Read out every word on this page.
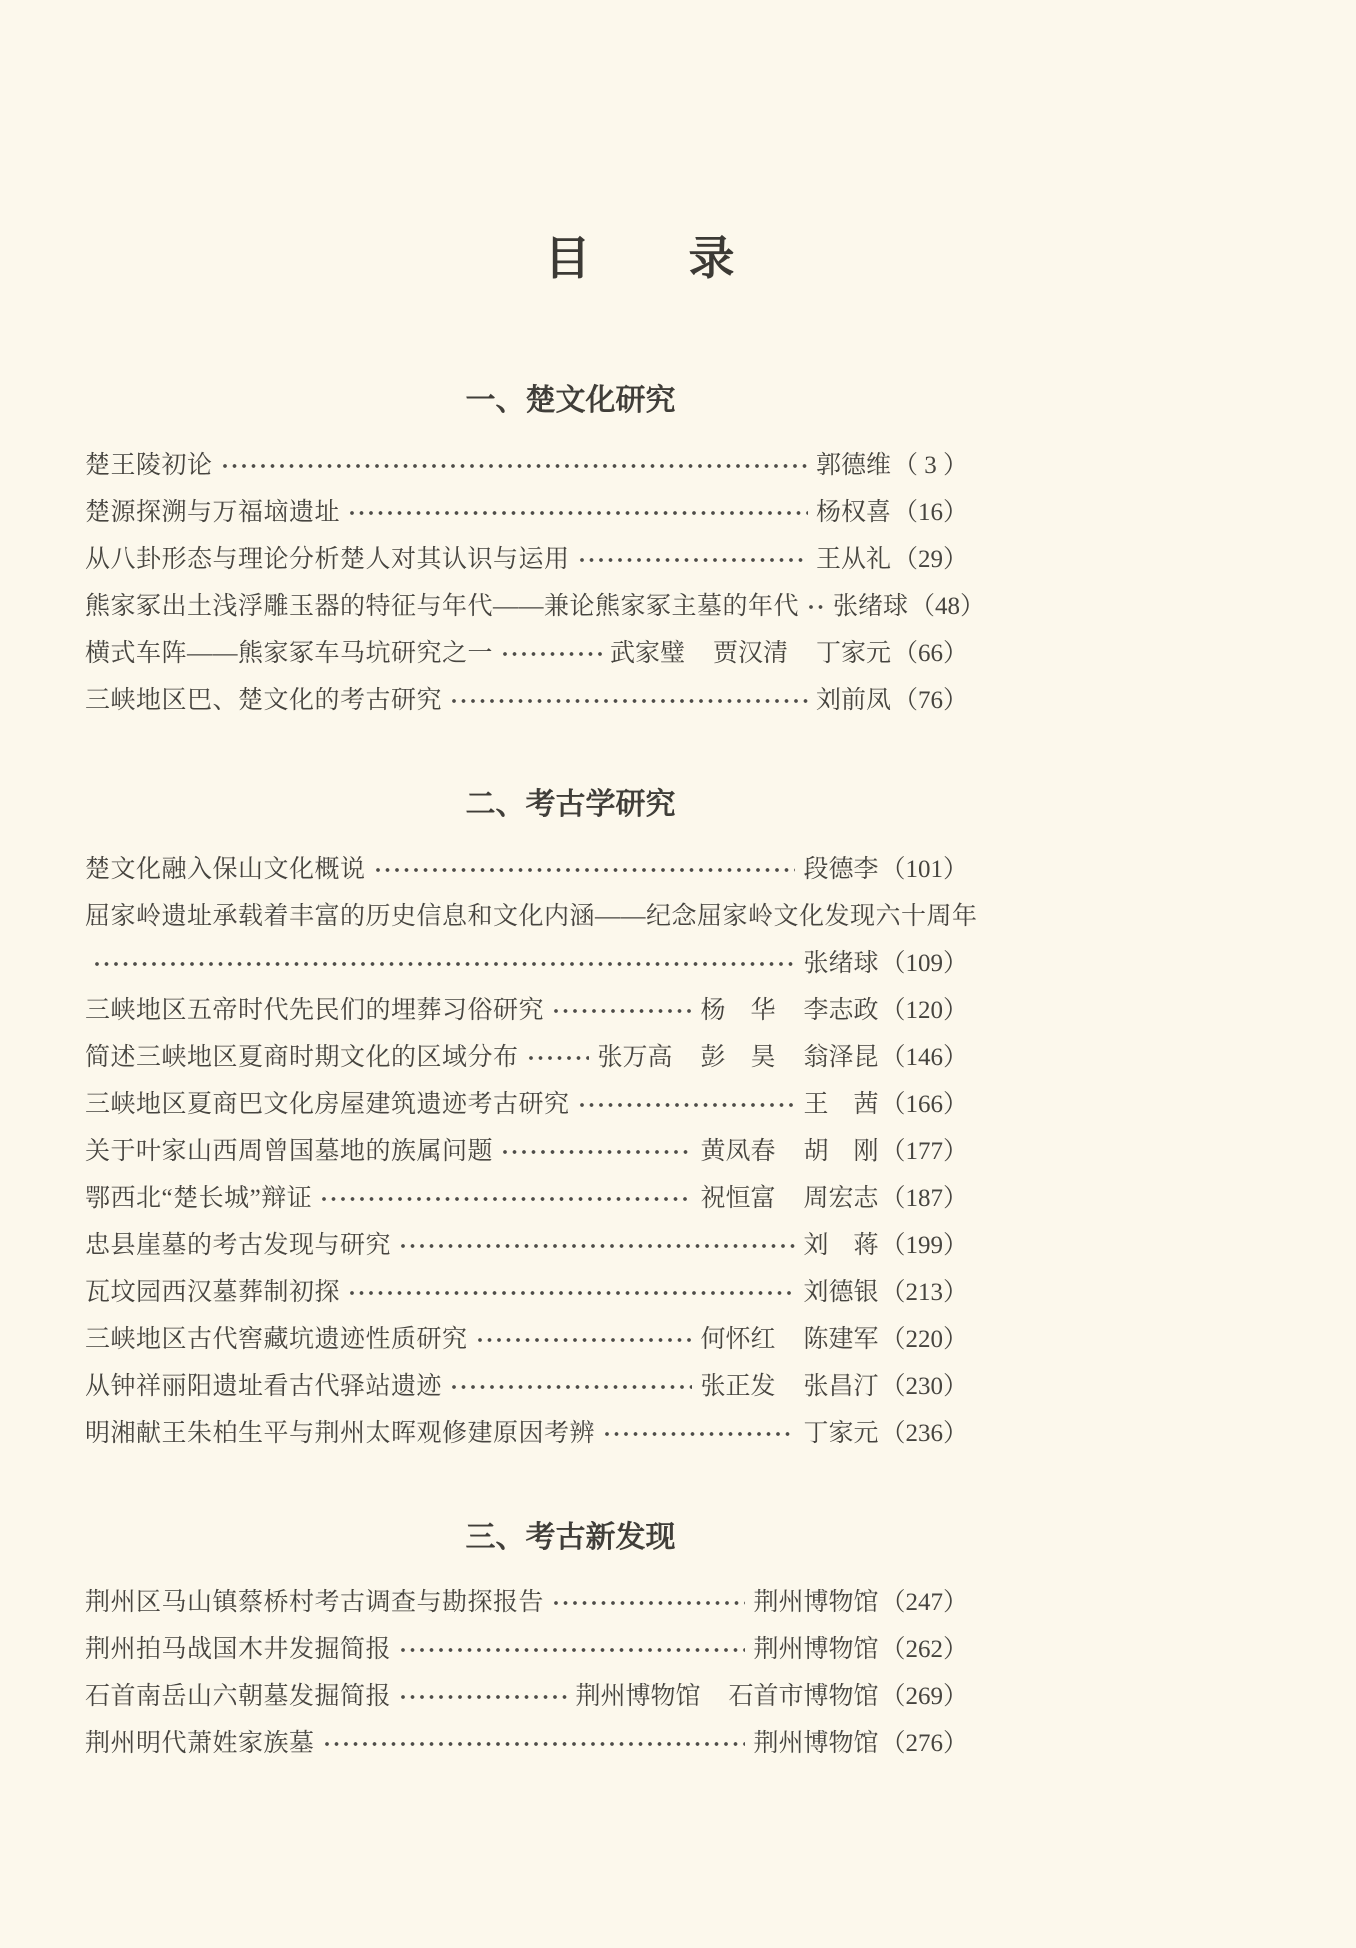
目　　录
一、楚文化研究
楚王陵初论	郭德维 （ 3 ）
楚源探溯与万福垴遗址	杨权喜 （16）
从八卦形态与理论分析楚人对其认识与运用	王从礼 （29）
熊家冢出土浅浮雕玉器的特征与年代——兼论熊家冢主墓的年代 张绪球 （48）
横式车阵——熊家冢车马坑研究之一	武家璧 贾汉清 丁家元 （66）
三峡地区巴、楚文化的考古研究	刘前凤 （76）
二、考古学研究
楚文化融入保山文化概说	段德李 （101）
屈家岭遗址承载着丰富的历史信息和文化内涵——纪念屈家岭文化发现六十周年
张绪球 （109）
三峡地区五帝时代先民们的埋葬习俗研究	杨　华 李志政 （120）
简述三峡地区夏商时期文化的区域分布	张万高 彭　昊 翁泽昆 （146）
三峡地区夏商巴文化房屋建筑遗迹考古研究	王　茜 （166）
关于叶家山西周曾国墓地的族属问题	黄凤春 胡　刚 （177）
鄂西北“楚长城”辩证	祝恒富 周宏志 （187）
忠县崖墓的考古发现与研究	刘　蒋 （199）
瓦坟园西汉墓葬制初探	刘德银 （213）
三峡地区古代窖藏坑遗迹性质研究	何怀红 陈建军 （220）
从钟祥丽阳遗址看古代驿站遗迹	张正发 张昌汀 （230）
明湘献王朱柏生平与荆州太晖观修建原因考辨	丁家元 （236）
三、考古新发现
荆州区马山镇蔡桥村考古调查与勘探报告	荆州博物馆 （247）
荆州拍马战国木井发掘简报	荆州博物馆 （262）
石首南岳山六朝墓发掘简报	荆州博物馆 石首市博物馆 （269）
荆州明代萧姓家族墓	荆州博物馆 （276）
